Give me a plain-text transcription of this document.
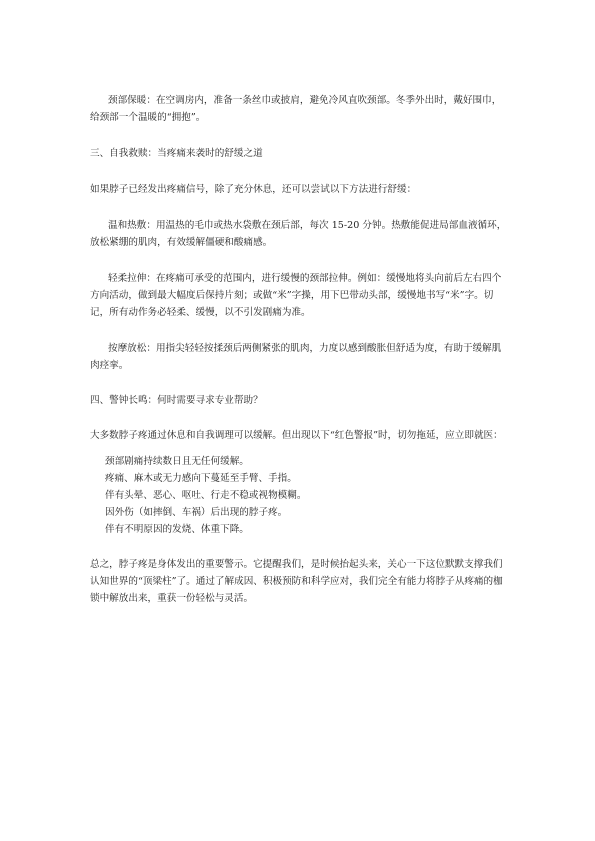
颈部保暖：在空调房内，准备一条丝巾或披肩，避免冷风直吹颈部。冬季外出时，戴好围巾，给颈部一个温暖的“拥抱”。

三、自我救赎：当疼痛来袭时的舒缓之道

如果脖子已经发出疼痛信号，除了充分休息，还可以尝试以下方法进行舒缓：

温和热敷：用温热的毛巾或热水袋敷在颈后部，每次 15-20 分钟。热敷能促进局部血液循环，放松紧绷的肌肉，有效缓解僵硬和酸痛感。

轻柔拉伸：在疼痛可承受的范围内，进行缓慢的颈部拉伸。例如：缓慢地将头向前后左右四个方向活动，做到最大幅度后保持片刻；或做“米”字操，用下巴带动头部，缓慢地书写“米”字。切记，所有动作务必轻柔、缓慢，以不引发剧痛为准。

按摩放松：用指尖轻轻按揉颈后两侧紧张的肌肉，力度以感到酸胀但舒适为度，有助于缓解肌肉痉挛。

四、警钟长鸣：何时需要寻求专业帮助？

大多数脖子疼通过休息和自我调理可以缓解。但出现以下“红色警报”时，切勿拖延，应立即就医：

颈部剧痛持续数日且无任何缓解。

疼痛、麻木或无力感向下蔓延至手臂、手指。

伴有头晕、恶心、呕吐、行走不稳或视物模糊。

因外伤（如摔倒、车祸）后出现的脖子疼。

伴有不明原因的发烧、体重下降。

总之，脖子疼是身体发出的重要警示。它提醒我们，是时候抬起头来，关心一下这位默默支撑我们认知世界的“顶梁柱”了。通过了解成因、积极预防和科学应对，我们完全有能力将脖子从疼痛的枷锁中解放出来，重获一份轻松与灵活。
